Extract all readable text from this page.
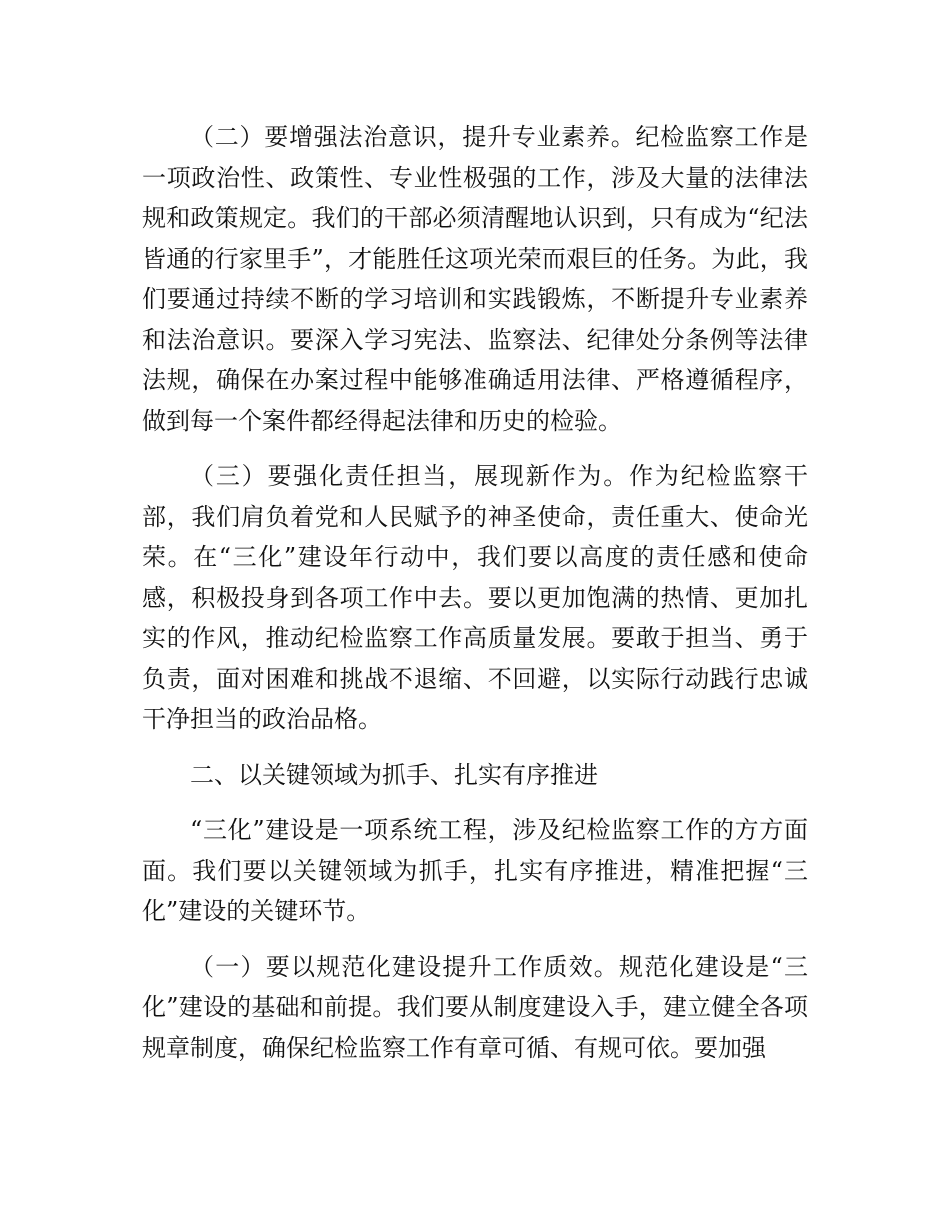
（二）要增强法治意识，提升专业素养。纪检监察工作是一项政治性、政策性、专业性极强的工作，涉及大量的法律法规和政策规定。我们的干部必须清醒地认识到，只有成为“纪法皆通的行家里手”，才能胜任这项光荣而艰巨的任务。为此，我们要通过持续不断的学习培训和实践锻炼，不断提升专业素养和法治意识。要深入学习宪法、监察法、纪律处分条例等法律法规，确保在办案过程中能够准确适用法律、严格遵循程序，做到每一个案件都经得起法律和历史的检验。

（三）要强化责任担当，展现新作为。作为纪检监察干部，我们肩负着党和人民赋予的神圣使命，责任重大、使命光荣。在“三化”建设年行动中，我们要以高度的责任感和使命感，积极投身到各项工作中去。要以更加饱满的热情、更加扎实的作风，推动纪检监察工作高质量发展。要敢于担当、勇于负责，面对困难和挑战不退缩、不回避，以实际行动践行忠诚干净担当的政治品格。

二、以关键领域为抓手、扎实有序推进

“三化”建设是一项系统工程，涉及纪检监察工作的方方面面。我们要以关键领域为抓手，扎实有序推进，精准把握“三化”建设的关键环节。

（一）要以规范化建设提升工作质效。规范化建设是“三化”建设的基础和前提。我们要从制度建设入手，建立健全各项规章制度，确保纪检监察工作有章可循、有规可依。要加强
